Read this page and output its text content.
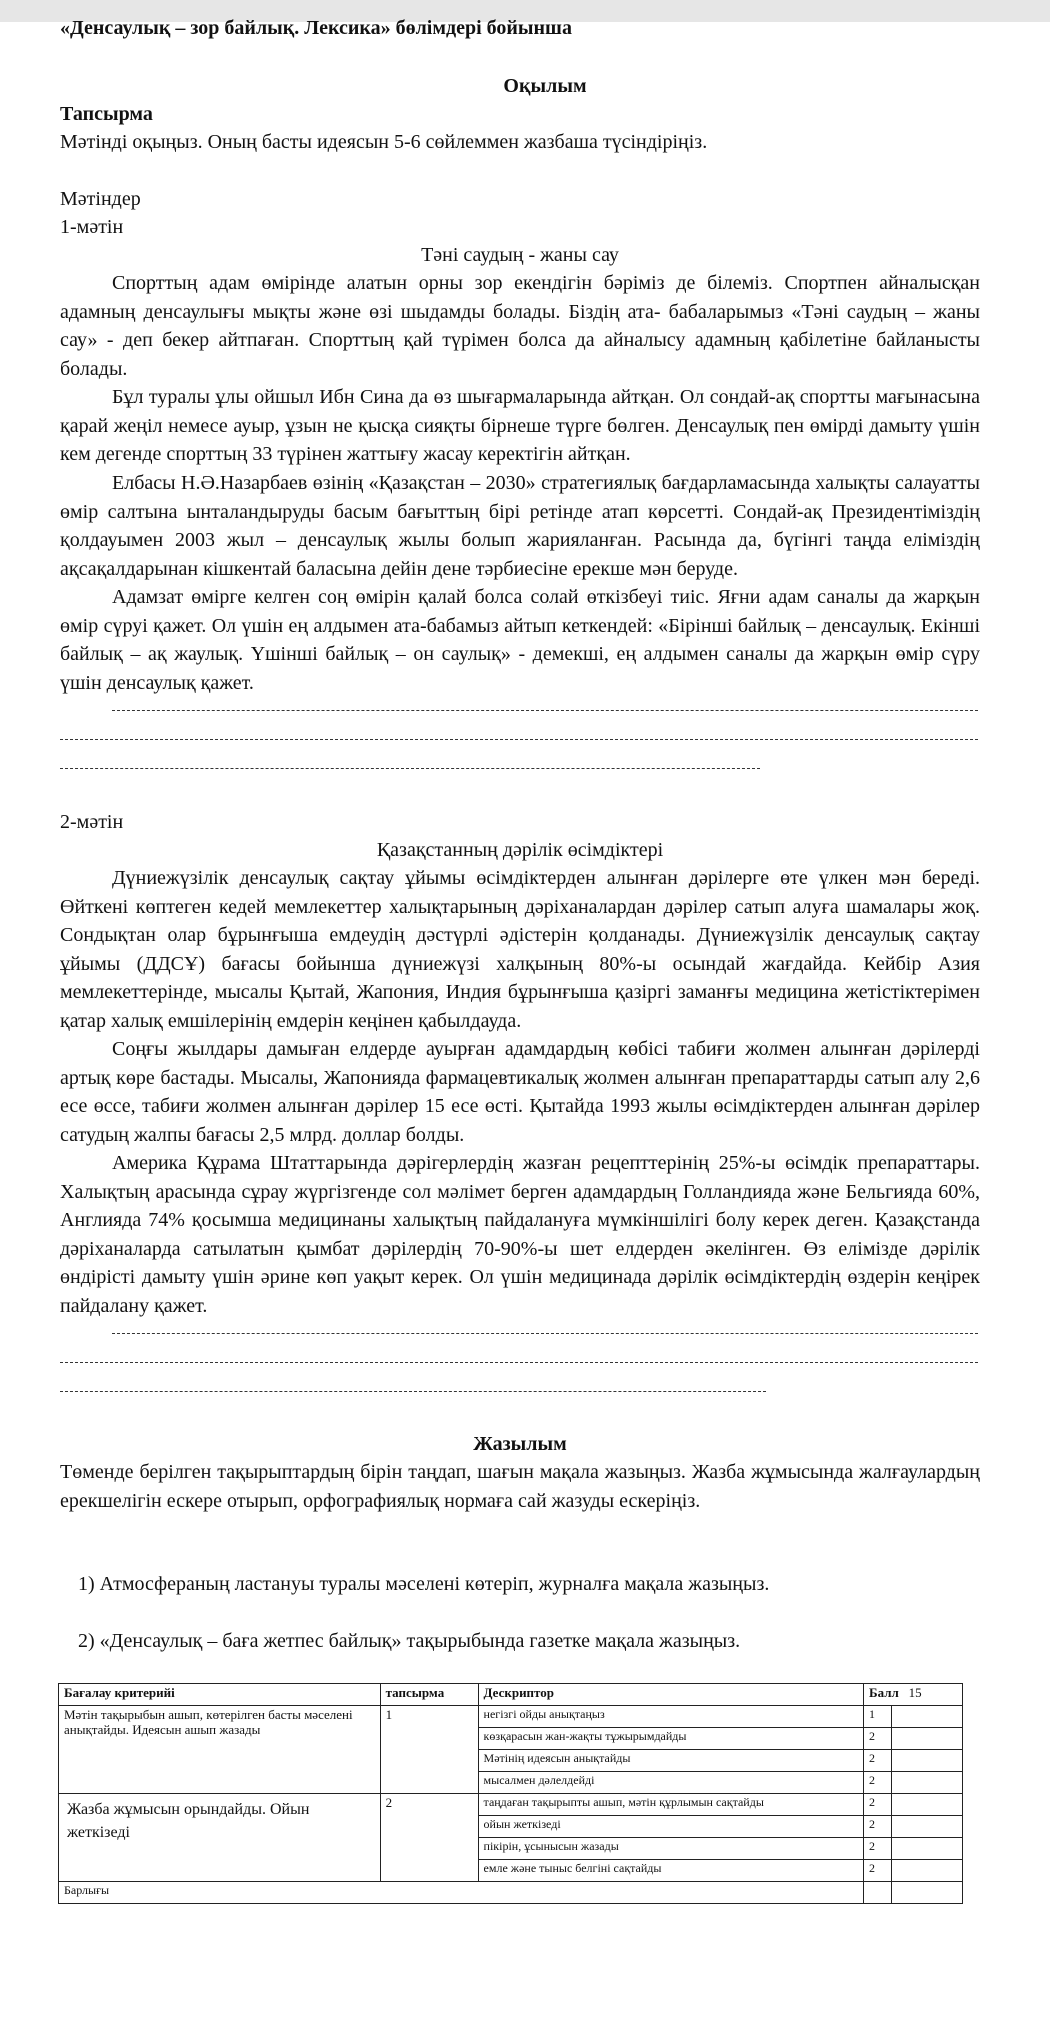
«Денсаулық – зор байлық. Лексика» бөлімдері бойынша
Оқылым
Тапсырма
Мәтінді оқыңыз. Оның басты идеясын 5-6 сөйлеммен жазбаша түсіндіріңіз.
Мәтіндер
1-мәтін
Тәні саудың - жаны сау
Спорттың адам өмірінде алатын орны зор екендігін бәріміз де білеміз. Спортпен айналысқан адамның денсаулығы мықты және өзі шыдамды болады. Біздің ата- бабаларымыз «Тәні саудың – жаны сау» - деп бекер айтпаған. Спорттың қай түрімен болса да айналысу адамның қабілетіне байланысты болады.
Бұл туралы ұлы ойшыл Ибн Сина да өз шығармаларында айтқан. Ол сондай-ақ спортты мағынасына қарай жеңіл немесе ауыр, ұзын не қысқа сияқты бірнеше түрге бөлген. Денсаулық пен өмірді дамыту үшін кем дегенде спорттың 33 түрінен жаттығу жасау керектігін айтқан.
Елбасы Н.Ә.Назарбаев өзінің «Қазақстан – 2030» стратегиялық бағдарламасында халықты салауатты өмір салтына ынталандыруды басым бағыттың бірі ретінде атап көрсетті. Сондай-ақ Президентіміздің қолдауымен 2003 жыл – денсаулық жылы болып жарияланған. Расында да, бүгінгі таңда еліміздің ақсақалдарынан кішкентай баласына дейін дене тәрбиесіне ерекше мән беруде.
Адамзат өмірге келген соң өмірін қалай болса солай өткізбеуі тиіс. Яғни адам саналы да жарқын өмір сүруі қажет. Ол үшін ең алдымен ата-бабамыз айтып кеткендей: «Бірінші байлық – денсаулық. Екінші байлық – ақ жаулық. Үшінші байлық – он саулық» - демекші, ең алдымен саналы да жарқын өмір сүру үшін денсаулық қажет.
2-мәтін
Қазақстанның дәрілік өсімдіктері
Дүниежүзілік денсаулық сақтау ұйымы өсімдіктерден алынған дәрілерге өте үлкен мән береді. Өйткені көптеген кедей мемлекеттер халықтарының дәріханалардан дәрілер сатып алуға шамалары жоқ. Сондықтан олар бұрынғыша емдеудің дәстүрлі әдістерін қолданады. Дүниежүзілік денсаулық сақтау ұйымы (ДДСҰ) бағасы бойынша дүниежүзі халқының 80%-ы осындай жағдайда. Кейбір Азия мемлекеттерінде, мысалы Қытай, Жапония, Индия бұрынғыша қазіргі заманғы медицина жетістіктерімен қатар халық емшілерінің емдерін кеңінен қабылдауда.
Соңғы жылдары дамыған елдерде ауырған адамдардың көбісі табиғи жолмен алынған дәрілерді артық көре бастады. Мысалы, Жапонияда фармацевтикалық жолмен алынған препараттарды сатып алу 2,6 есе өссе, табиғи жолмен алынған дәрілер 15 есе өсті. Қытайда 1993 жылы өсімдіктерден алынған дәрілер сатудың жалпы бағасы 2,5 млрд. доллар болды.
Америка Құрама Штаттарында дәрігерлердің жазған рецепттерінің 25%-ы өсімдік препараттары. Халықтың арасында сұрау жүргізгенде сол мәлімет берген адамдардың Голландияда және Бельгияда 60%, Англияда 74% қосымша медицинаны халықтың пайдалануға мүмкіншілігі болу керек деген. Қазақстанда дәріханаларда сатылатын қымбат дәрілердің 70-90%-ы шет елдерден әкелінген. Өз елімізде дәрілік өндірісті дамыту үшін әрине көп уақыт керек. Ол үшін медицинада дәрілік өсімдіктердің өздерін кеңірек пайдалану қажет.
Жазылым
Төменде берілген тақырыптардың бірін таңдап, шағын мақала жазыңыз. Жазба жұмысында жалғаулардың ерекшелігін ескере отырып, орфографиялық нормаға сай жазуды ескеріңіз.
1) Атмосфераның ластануы туралы мәселені көтеріп, журналға мақала жазыңыз.
2) «Денсаулық – баға жетпес байлық» тақырыбында газетке мақала жазыңыз.
Бағалау критерийі	тапсырма	Дескриптор	Балл 15	
Мәтін тақырыбын ашып, көтерілген басты мәселені анықтайды. Идеясын ашып жазады	1	негізгі ойды анықтаңыз	1	
		көзқарасын жан-жақты тұжырымдайды	2	
		Мәтінің идеясын анықтайды	2	
		мысалмен дәлелдейді	2	
Жазба жұмысын орындайды. Ойын жеткізеді	2	таңдаған тақырыпты ашып, мәтін құрлымын сақтайды	2	
		ойын жеткізеді	2	
		пікірін, ұсынысын жазады	2	
		емле және тыныс белгіні сақтайды	2	
Барлығы				
